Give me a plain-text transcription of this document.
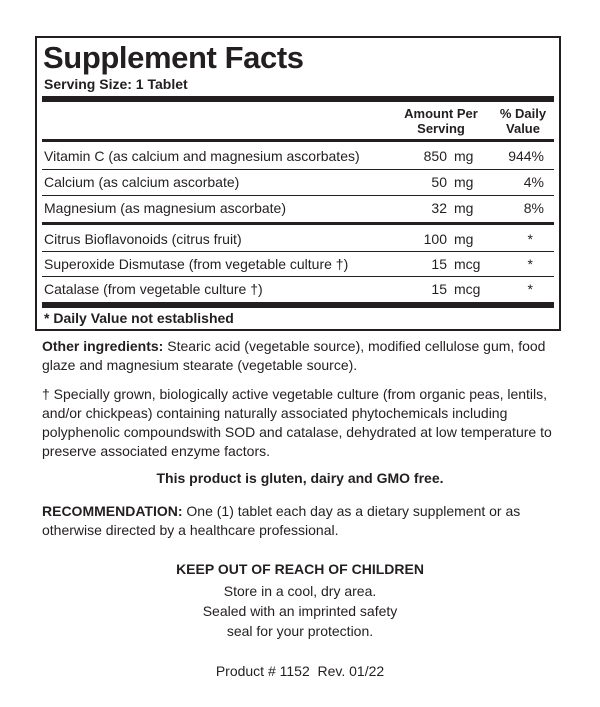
Supplement Facts
Serving Size: 1 Tablet
Amount Per
Serving
% Daily
Value
Vitamin C (as calcium and magnesium ascorbates)	850 mg 944%
Calcium (as calcium ascorbate)	50 mg	4%
Magnesium (as magnesium ascorbate)	32 mg	8%
Citrus Bioflavonoids (citrus fruit)	100 mg	*
Superoxide Dismutase (from vegetable culture †)	15 mcg	*
Catalase (from vegetable culture †)	15 mcg	*
* Daily Value not established

Other ingredients: Stearic acid (vegetable source), modified cellulose gum, food glaze and magnesium stearate (vegetable source).

† Specially grown, biologically active vegetable culture (from organic peas, lentils, and/or chickpeas) containing naturally associated phytochemicals including polyphenolic compoundswith SOD and catalase, dehydrated at low temperature to preserve associated enzyme factors.

This product is gluten, dairy and GMO free.

RECOMMENDATION: One (1) tablet each day as a dietary supplement or as otherwise directed by a healthcare professional.

KEEP OUT OF REACH OF CHILDREN

Store in a cool, dry area.

Sealed with an imprinted safety

seal for your protection.

Product # 1152  Rev. 01/22
